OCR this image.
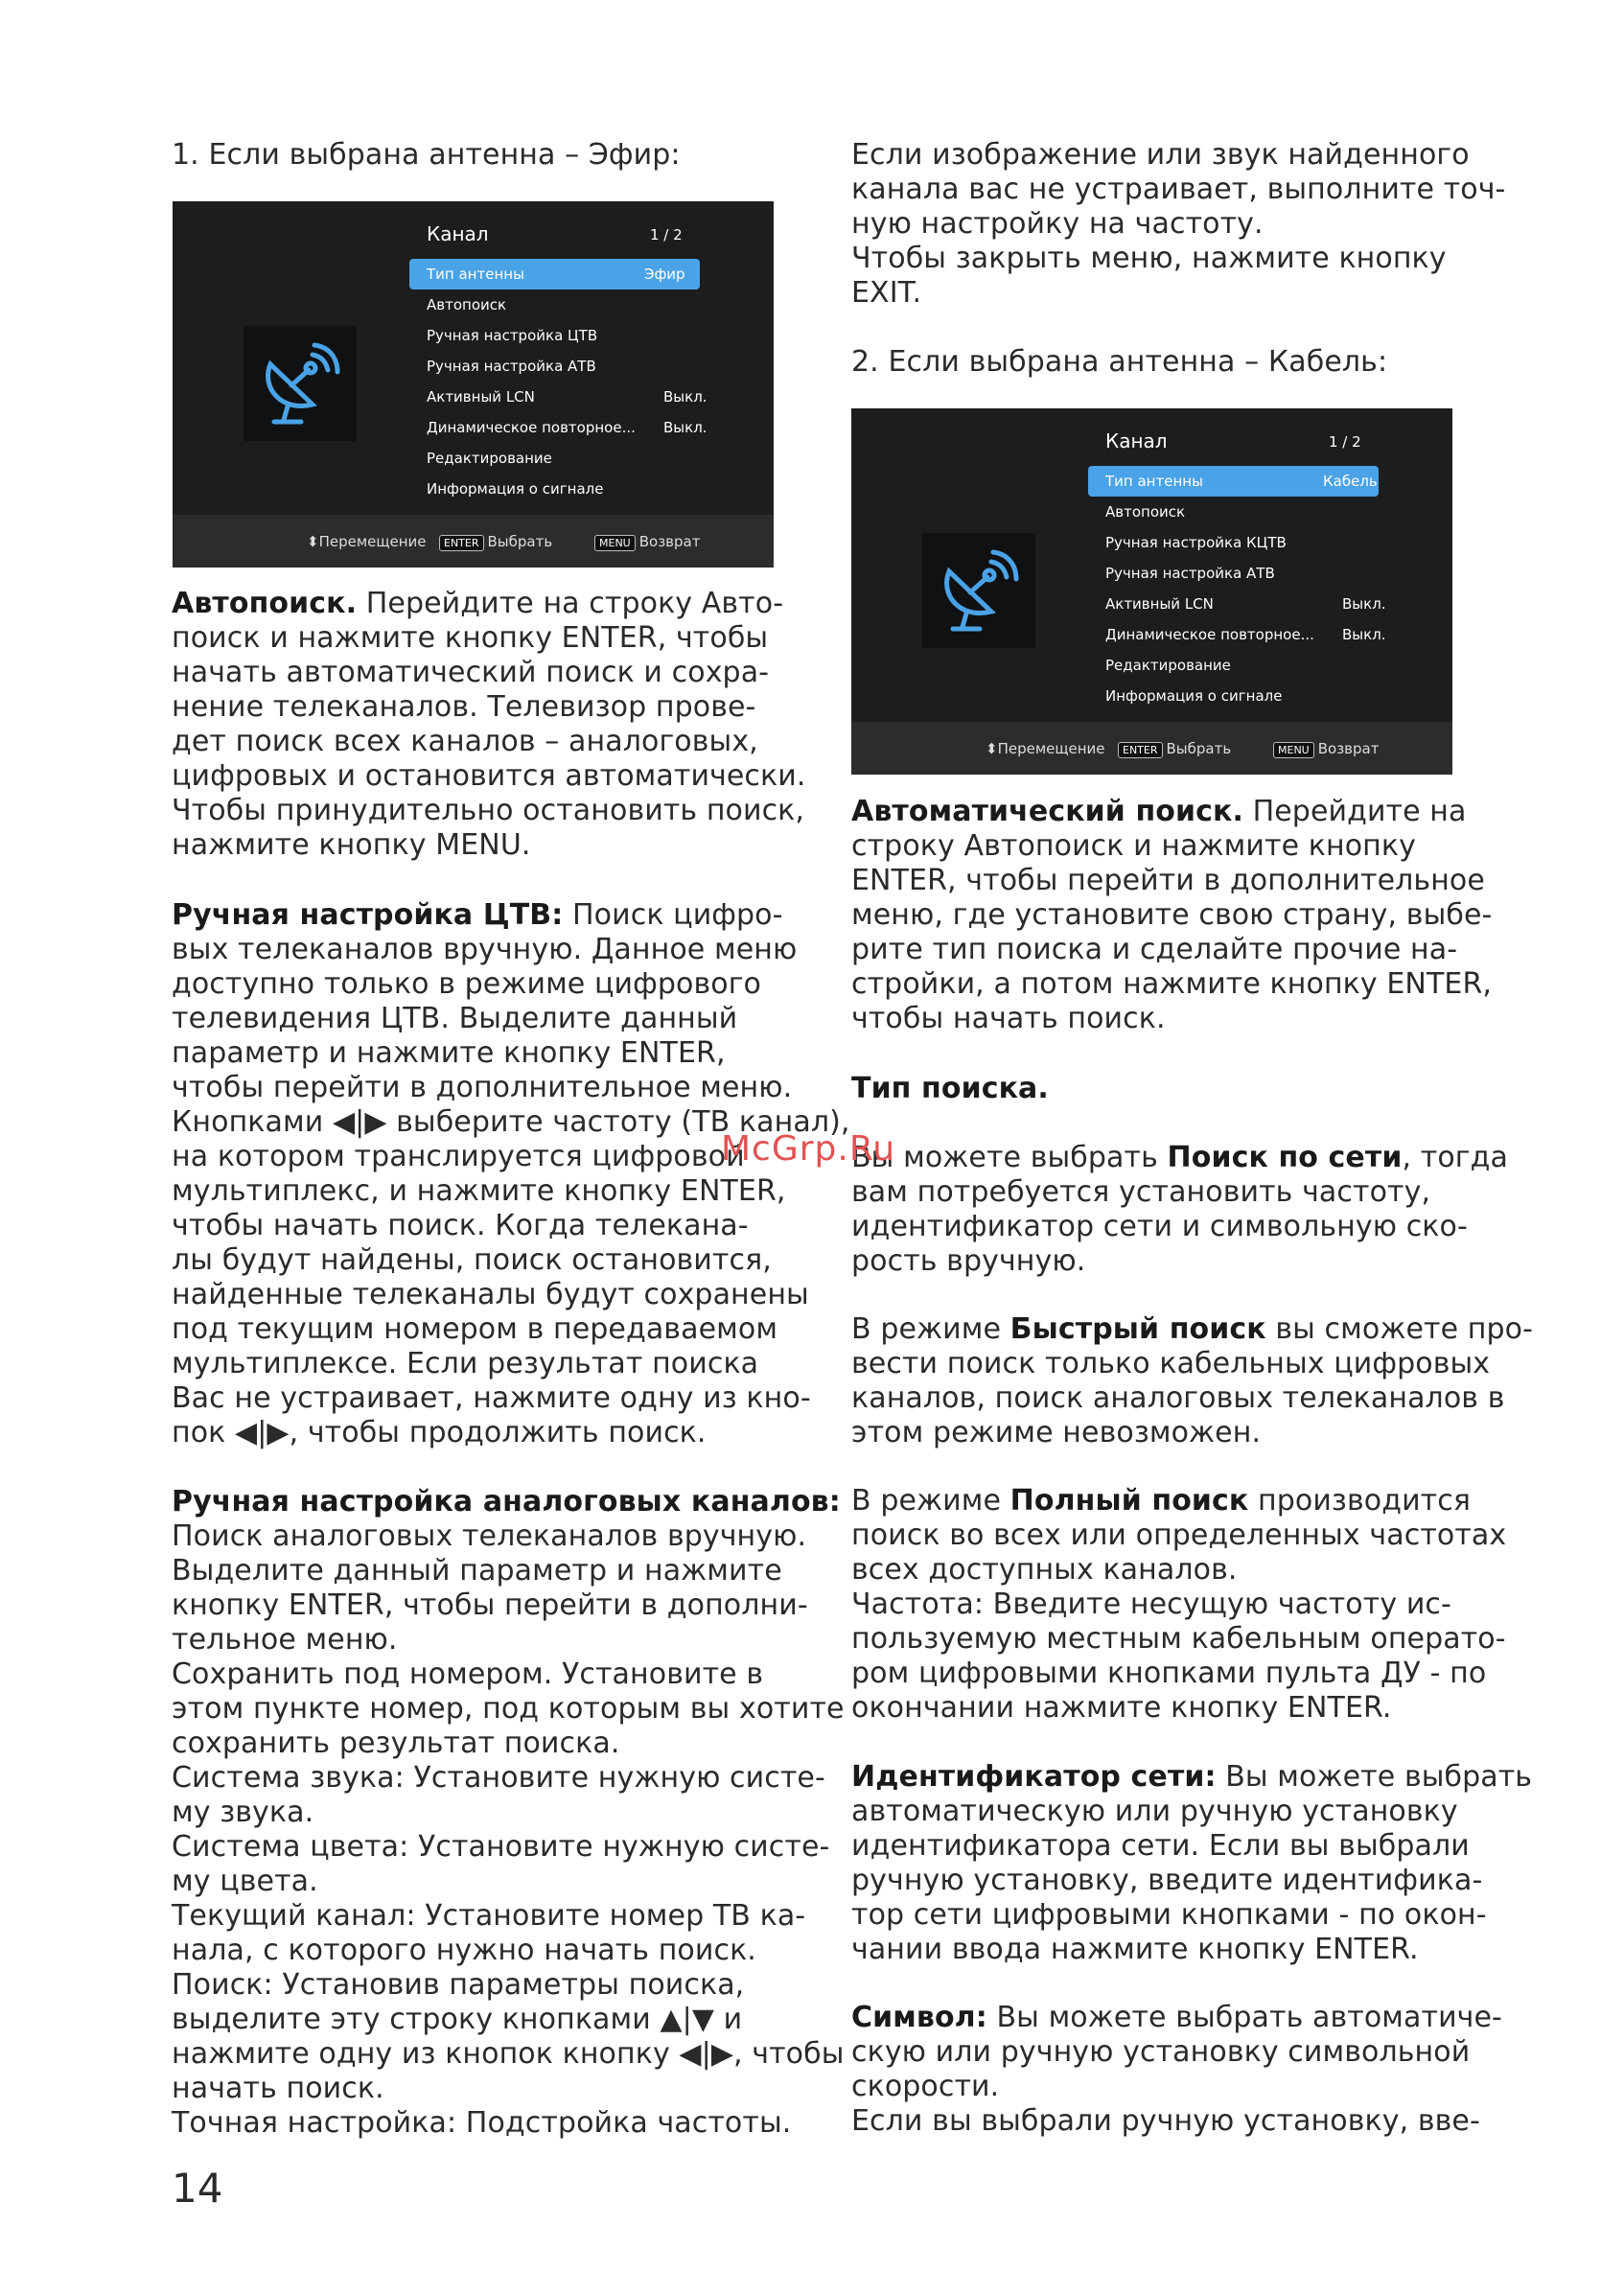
1. Если выбрана антенна – Эфир:
Автопоиск. Перейдите на строку Авто-
поиск и нажмите кнопку ENTER, чтобы
начать автоматический поиск и сохра-
нение телеканалов. Телевизор прове-
дет поиск всех каналов – аналоговых,
цифровых и остановится автоматически.
Чтобы принудительно остановить поиск,
нажмите кнопку MENU.
Ручная настройка ЦТВ: Поиск цифро-
вых телеканалов вручную. Данное меню
доступно только в режиме цифрового
телевидения ЦТВ. Выделите данный
параметр и нажмите кнопку ENTER,
чтобы перейти в дополнительное меню.
Кнопками ◀|▶ выберите частоту (ТВ канал),
на котором транслируется цифровой
мультиплекс, и нажмите кнопку ENTER,
чтобы начать поиск. Когда телекана-
лы будут найдены, поиск остановится,
найденные телеканалы будут сохранены
под текущим номером в передаваемом
мультиплексе. Если результат поиска
Вас не устраивает, нажмите одну из кно-
пок ◀|▶, чтобы продолжить поиск.
Ручная настройка аналоговых каналов:
Поиск аналоговых телеканалов вручную.
Выделите данный параметр и нажмите
кнопку ENTER, чтобы перейти в дополни-
тельное меню.
Сохранить под номером. Установите в
этом пункте номер, под которым вы хотите
сохранить результат поиска.
Система звука: Установите нужную систе-
му звука.
Система цвета: Установите нужную систе-
му цвета.
Текущий канал: Установите номер ТВ ка-
нала, с которого нужно начать поиск.
Поиск: Установив параметры поиска,
выделите эту строку кнопками ▲|▼ и
нажмите одну из кнопок кнопку ◀|▶, чтобы
начать поиск.
Точная настройка: Подстройка частоты.
Канал	1 / 2
Тип антенны	Эфир
Автопоиск
Ручная настройка ЦТВ
Ручная настройка АТВ
Активный LCN	Выкл.
Динамическое повторное... Выкл.
Редактирование
Информация о сигнале
⬍Перемещение	ENTER Выбрать	MENU Возврат
Если изображение или звук найденного
канала вас не устраивает, выполните точ-
ную настройку на частоту.
Чтобы закрыть меню, нажмите кнопку
EXIT.
2. Если выбрана антенна – Кабель:
Автоматический поиск. Перейдите на
строку Автопоиск и нажмите кнопку
ENTER, чтобы перейти в дополнительное
меню, где установите свою страну, выбе-
рите тип поиска и сделайте прочие на-
стройки, а потом нажмите кнопку ENTER,
чтобы начать поиск.
Тип поиска.
Вы можете выбрать Поиск по сети, тогда
вам потребуется установить частоту,
идентификатор сети и символьную ско-
рость вручную.
В режиме Быстрый поиск вы сможете про-
вести поиск только кабельных цифровых
каналов, поиск аналоговых телеканалов в
этом режиме невозможен.
В режиме Полный поиск производится
поиск во всех или определенных частотах
всех доступных каналов.
Частота: Введите несущую частоту ис-
пользуемую местным кабельным операто-
ром цифровыми кнопками пульта ДУ - по
окончании нажмите кнопку ENTER.
Идентификатор сети: Вы можете выбрать
автоматическую или ручную установку
идентификатора сети. Если вы выбрали
ручную установку, введите идентифика-
тор сети цифровыми кнопками - по окон-
чании ввода нажмите кнопку ENTER.
Символ: Вы можете выбрать автоматиче-
скую или ручную установку символьной
скорости.
Если вы выбрали ручную установку, вве-
Канал	1 / 2
Тип антенны	Кабель
Автопоиск
Ручная настройка КЦТВ
Ручная настройка АТВ
Активный LCN	Выкл.
Динамическое повторное... Выкл.
Редактирование
Информация о сигнале
⬍Перемещение	ENTER Выбрать	MENU Возврат
McGrp.Ru
14
